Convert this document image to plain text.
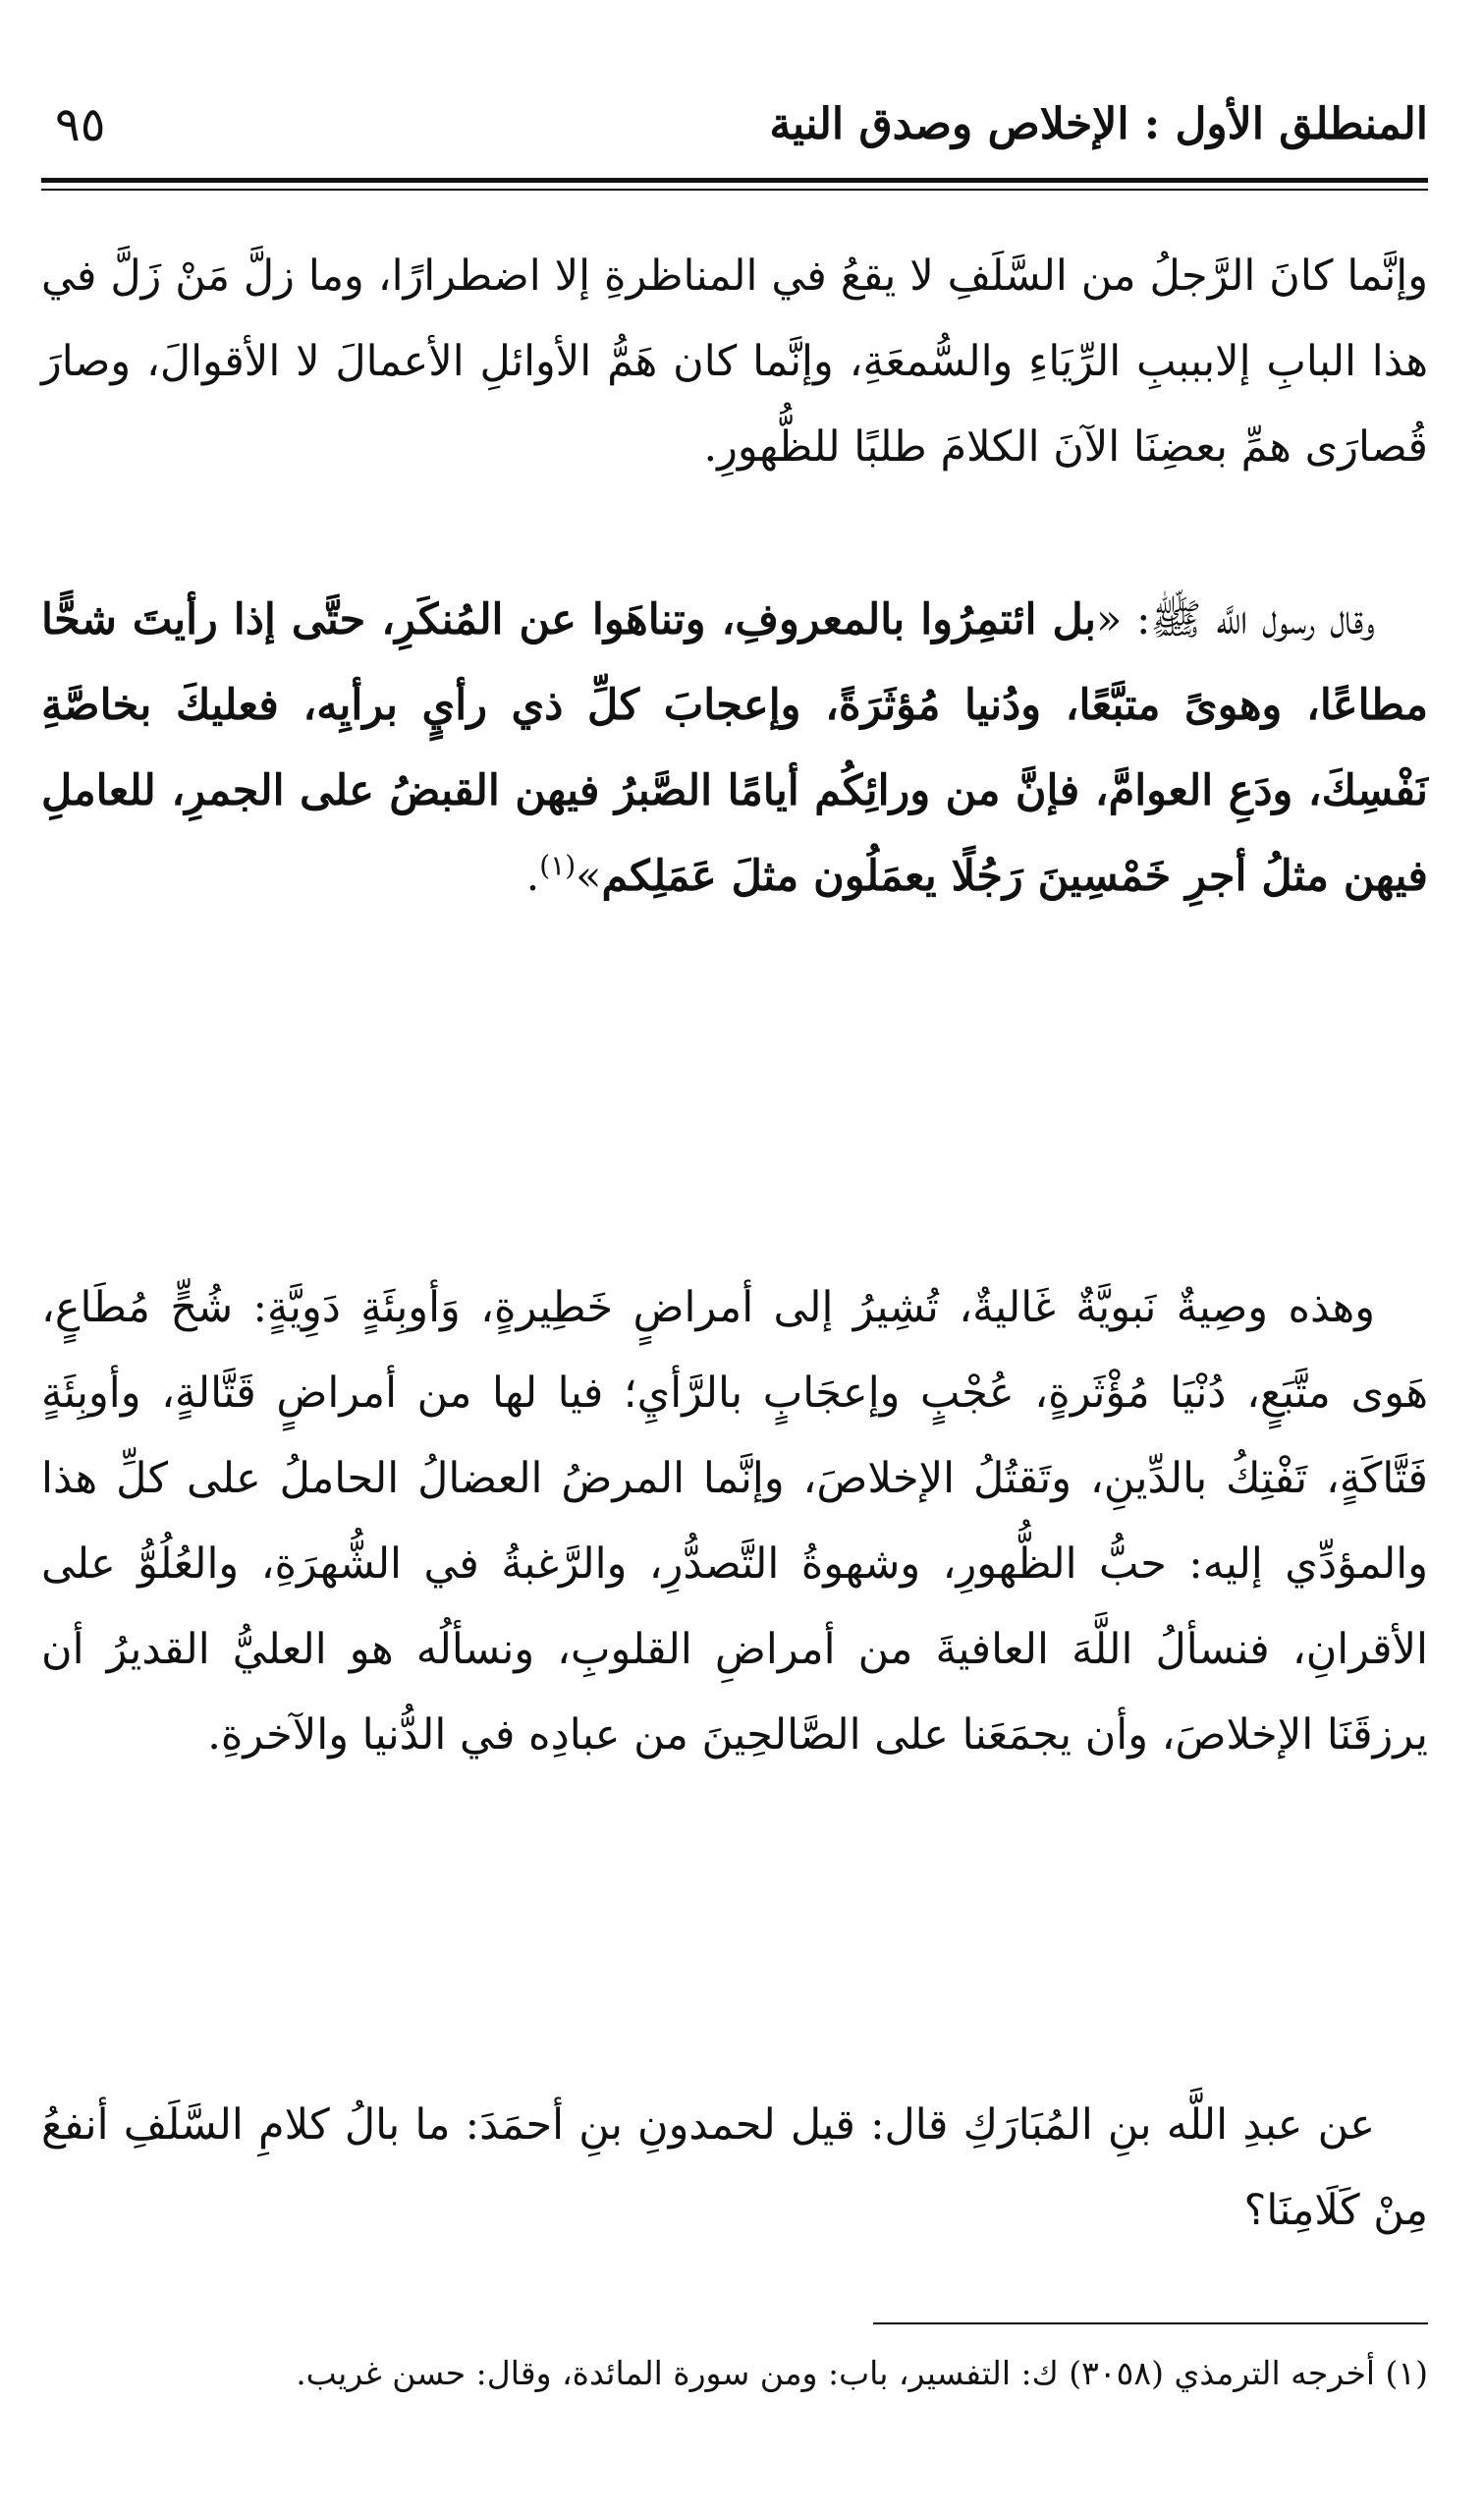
المنطلق الأول : الإخلاص وصدق النية
٩٥

وإنَّما كانَ الرَّجلُ من السَّلَفِ لا يقعُ في المناظرةِ إلا اضطرارًا، وما زلَّ مَنْ زَلَّ في هذا البابِ إلاببببِ الرِّيَاءِ والسُّمعَةِ، وإنَّما كان هَمُّ الأوائلِ الأعمالَ لا الأقوالَ، وصارَ قُصارَى همِّ بعضِنَا الآنَ الكلامَ طلبًا للظُّهورِ.

وقال رسول اللَّه ﷺ: «بل ائتمِرُوا بالمعروفِ، وتناهَوا عن المُنكَرِ، حتَّى إذا رأيتَ شحًّا مطاعًا، وهوىً متبَّعًا، ودُنيا مُؤثَرَةً، وإعجابَ كلِّ ذي رأيٍ برأيِه، فعليكَ بخاصَّةِ نَفْسِكَ، ودَعِ العوامَّ، فإنَّ من ورائِكُم أيامًا الصَّبرُ فيهن القبضُ على الجمرِ، للعاملِ فيهن مثلُ أجرِ خَمْسِينَ رَجُلًا يعمَلُون مثلَ عَمَلِكم»$^{(١)}$.

وهذه وصِيةٌ نَبويَّةٌ غَاليةٌ، تُشِيرُ إلى أمراضٍ خَطِيرةٍ، وَأوبِئَةٍ دَوِيَّةٍ: شُحٍّ مُطَاعٍ، هَوى متَّبَعٍ، دُنْيَا مُؤْثَرةٍ، عُجْبٍ وإعجَابٍ بالرَّأيِ؛ فيا لها من أمراضٍ قَتَّالةٍ، وأوبِئَةٍ فَتَّاكَةٍ، تَفْتِكُ بالدِّينِ، وتَقتُلُ الإخلاصَ، وإنَّما المرضُ العضالُ الحاملُ على كلِّ هذا والمؤدِّي إليه: حبُّ الظُّهورِ، وشهوةُ التَّصدُّرِ، والرَّغبةُ في الشُّهرَةِ، والعُلُوُّ على الأقرانِ، فنسألُ اللَّهَ العافيةَ من أمراضِ القلوبِ، ونسألُه هو العليُّ القديرُ أن يرزقَنَا الإخلاصَ، وأن يجمَعَنا على الصَّالحِينَ من عبادِه في الدُّنيا والآخرةِ.

عن عبدِ اللَّه بنِ المُبَارَكِ قال: قيل لحمدونِ بنِ أحمَدَ: ما بالُ كلامِ السَّلَفِ أنفعُ مِنْ كَلَامِنَا؟

(١) أخرجه الترمذي (٣٠٥٨) ك: التفسير، باب: ومن سورة المائدة، وقال: حسن غريب.
